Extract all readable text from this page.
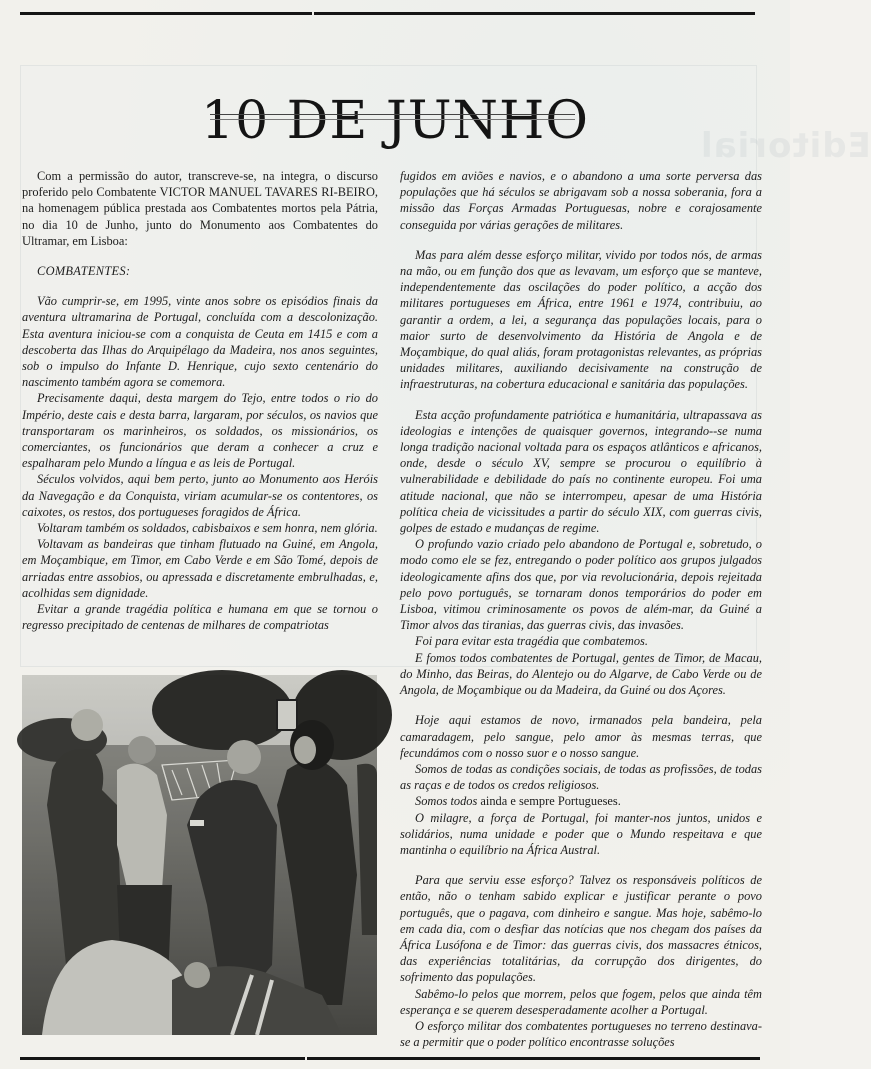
Editorial
10 DE JUNHO

Com a permissão do autor, transcreve-se, na integra, o discurso proferido pelo Combatente VICTOR MANUEL TAVARES RI-BEIRO, na homenagem pública prestada aos Combatentes mortos pela Pátria, no dia 10 de Junho, junto do Monumento aos Combatentes do Ultramar, em Lisboa:

COMBATENTES:

Vão cumprir-se, em 1995, vinte anos sobre os episódios finais da aventura ultramarina de Portugal, concluída com a descolonização. Esta aventura iniciou-se com a conquista de Ceuta em 1415 e com a descoberta das Ilhas do Arquipélago da Madeira, nos anos seguintes, sob o impulso do Infante D. Henrique, cujo sexto centenário do nascimento também agora se comemora.

Precisamente daqui, desta margem do Tejo, entre todos o rio do Império, deste cais e desta barra, largaram, por séculos, os navios que transportaram os marinheiros, os soldados, os missionários, os comerciantes, os funcionários que deram a conhecer a cruz e espalharam pelo Mundo a língua e as leis de Portugal.

Séculos volvidos, aqui bem perto, junto ao Monumento aos Heróis da Navegação e da Conquista, viriam acumular-se os contentores, os caixotes, os restos, dos portugueses foragidos de África.

Voltaram também os soldados, cabisbaixos e sem honra, nem glória.

Voltavam as bandeiras que tinham flutuado na Guiné, em Angola, em Moçambique, em Timor, em Cabo Verde e em São Tomé, depois de arriadas entre assobios, ou apressada e discretamente embrulhadas, e, acolhidas sem dignidade.

Evitar a grande tragédia política e humana em que se tornou o regresso precipitado de centenas de milhares de compatriotas

fugidos em aviões e navios, e o abandono a uma sorte perversa das populações que há séculos se abrigavam sob a nossa soberania, fora a missão das Forças Armadas Portuguesas, nobre e corajosamente conseguida por várias gerações de militares.

Mas para além desse esforço militar, vivido por todos nós, de armas na mão, ou em função dos que as levavam, um esforço que se manteve, independentemente das oscilações do poder político, a acção dos militares portugueses em África, entre 1961 e 1974, contribuiu, ao garantir a ordem, a lei, a segurança das populações locais, para o maior surto de desenvolvimento da História de Angola e de Moçambique, do qual aliás, foram protagonistas relevantes, as próprias unidades militares, auxiliando decisivamente na construção de infraestruturas, na cobertura educacional e sanitária das populações.

Esta acção profundamente patriótica e humanitária, ultrapassava as ideologias e intenções de quaisquer governos, integrando--se numa longa tradição nacional voltada para os espaços atlânticos e africanos, onde, desde o século XV, sempre se procurou o equilíbrio à vulnerabilidade e debilidade do país no continente europeu. Foi uma atitude nacional, que não se interrompeu, apesar de uma História política cheia de vicissitudes a partir do século XIX, com guerras civis, golpes de estado e mudanças de regime.

O profundo vazio criado pelo abandono de Portugal e, sobretudo, o modo como ele se fez, entregando o poder político aos grupos julgados ideologicamente afins dos que, por via revolucionária, depois rejeitada pelo povo português, se tornaram donos temporários do poder em Lisboa, vitimou criminosamente os povos de além-mar, da Guiné a Timor alvos das tiranias, das guerras civis, das invasões.

Foi para evitar esta tragédia que combatemos.

E fomos todos combatentes de Portugal, gentes de Timor, de Macau, do Minho, das Beiras, do Alentejo ou do Algarve, de Cabo Verde ou de Angola, de Moçambique ou da Madeira, da Guiné ou dos Açores.

Hoje aqui estamos de novo, irmanados pela bandeira, pela camaradagem, pelo sangue, pelo amor às mesmas terras, que fecundámos com o nosso suor e o nosso sangue.

Somos de todas as condições sociais, de todas as profissões, de todas as raças e de todos os credos religiosos.

Somos todos ainda e sempre Portugueses.

O milagre, a força de Portugal, foi manter-nos juntos, unidos e solidários, numa unidade e poder que o Mundo respeitava e que mantinha o equilíbrio na África Austral.

Para que serviu esse esforço? Talvez os responsáveis políticos de então, não o tenham sabido explicar e justificar perante o povo português, que o pagava, com dinheiro e sangue. Mas hoje, sabêmo-lo em cada dia, com o desfiar das notícias que nos chegam dos países da África Lusófona e de Timor: das guerras civis, dos massacres étnicos, das experiências totalitárias, da corrupção dos dirigentes, do sofrimento das populações.

Sabêmo-lo pelos que morrem, pelos que fogem, pelos que ainda têm esperança e se querem desesperadamente acolher a Portugal.

O esforço militar dos combatentes portugueses no terreno destinava-se a permitir que o poder político encontrasse soluções
